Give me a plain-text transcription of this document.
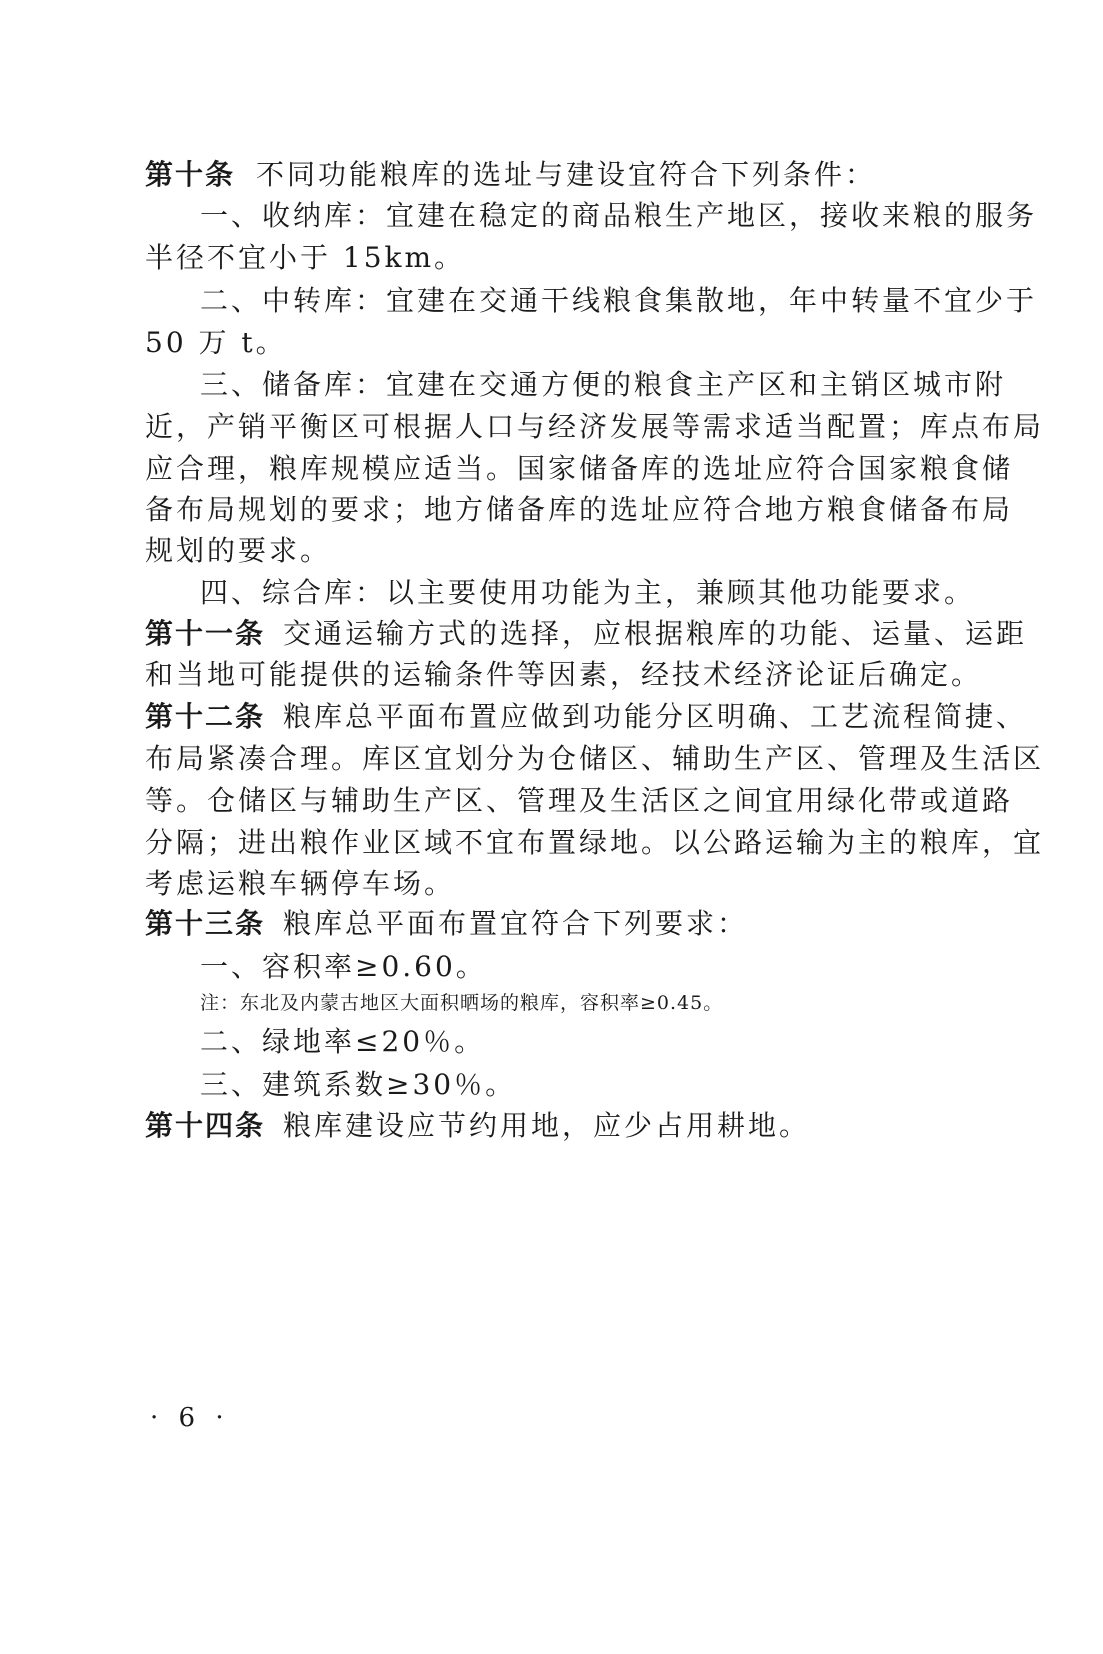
第十条 不同功能粮库的选址与建设宜符合下列条件：
一、收纳库：宜建在稳定的商品粮生产地区，接收来粮的服务
半径不宜小于 15km。
二、中转库：宜建在交通干线粮食集散地，年中转量不宜少于
50 万 t。
三、储备库：宜建在交通方便的粮食主产区和主销区城市附
近，产销平衡区可根据人口与经济发展等需求适当配置；库点布局
应合理，粮库规模应适当。国家储备库的选址应符合国家粮食储
备布局规划的要求；地方储备库的选址应符合地方粮食储备布局
规划的要求。
四、综合库：以主要使用功能为主，兼顾其他功能要求。
第十一条 交通运输方式的选择，应根据粮库的功能、运量、运距
和当地可能提供的运输条件等因素，经技术经济论证后确定。
第十二条 粮库总平面布置应做到功能分区明确、工艺流程简捷、
布局紧凑合理。库区宜划分为仓储区、辅助生产区、管理及生活区
等。仓储区与辅助生产区、管理及生活区之间宜用绿化带或道路
分隔；进出粮作业区域不宜布置绿地。以公路运输为主的粮库，宜
考虑运粮车辆停车场。
第十三条 粮库总平面布置宜符合下列要求：
一、容积率≥0.60。
注：东北及内蒙古地区大面积晒场的粮库，容积率≥0.45。
二、绿地率≤20％。
三、建筑系数≥30％。
第十四条 粮库建设应节约用地，应少占用耕地。
· 6 ·
